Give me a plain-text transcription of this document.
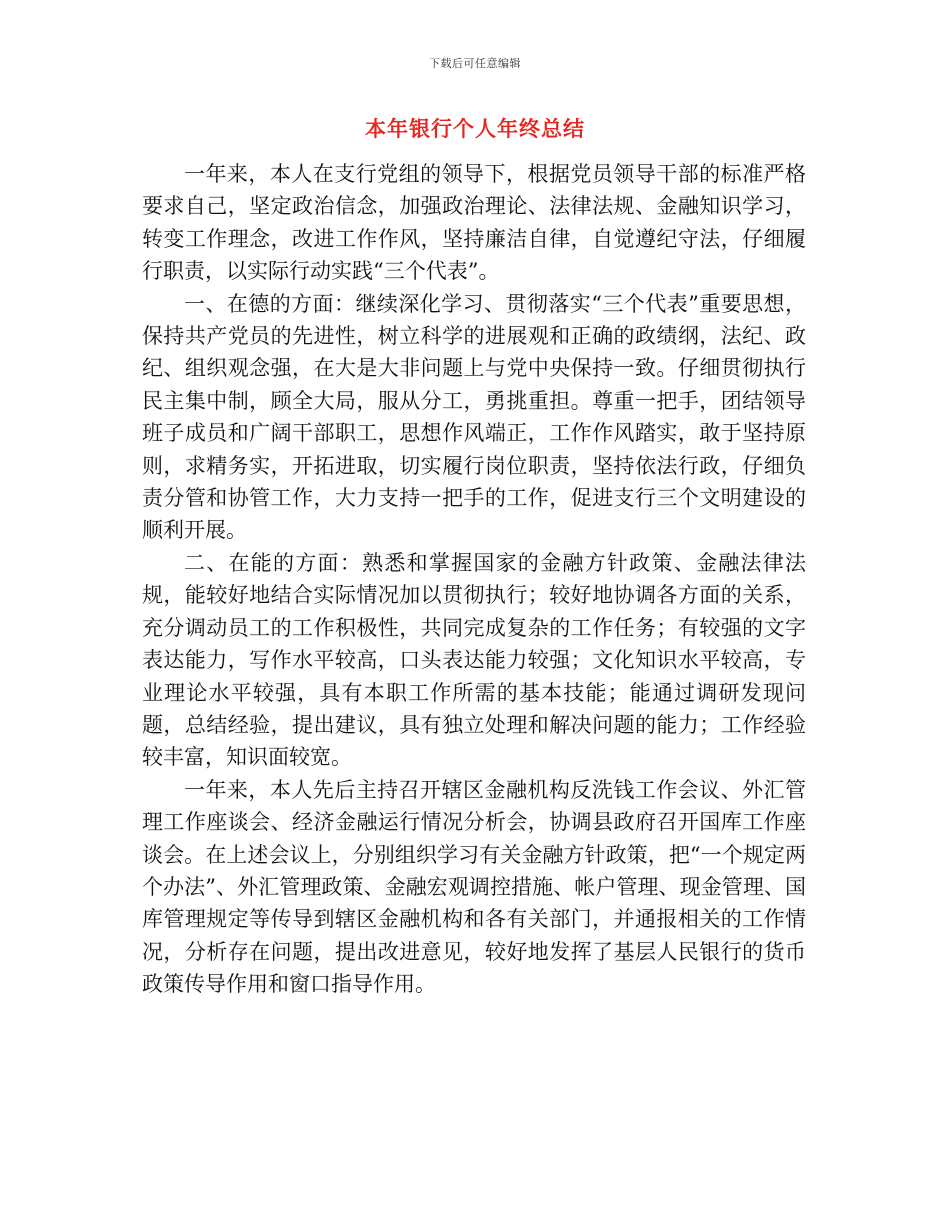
下载后可任意编辑
本年银行个人年终总结

一年来，本人在支行党组的领导下，根据党员领导干部的标准严格要求自己，坚定政治信念，加强政治理论、法律法规、金融知识学习，转变工作理念，改进工作作风，坚持廉洁自律，自觉遵纪守法，仔细履行职责，以实际行动实践“三个代表”。

一、在德的方面：继续深化学习、贯彻落实“三个代表”重要思想，保持共产党员的先进性，树立科学的进展观和正确的政绩纲，法纪、政纪、组织观念强，在大是大非问题上与党中央保持一致。仔细贯彻执行民主集中制，顾全大局，服从分工，勇挑重担。尊重一把手，团结领导班子成员和广阔干部职工，思想作风端正，工作作风踏实，敢于坚持原则，求精务实，开拓进取，切实履行岗位职责，坚持依法行政，仔细负责分管和协管工作，大力支持一把手的工作，促进支行三个文明建设的顺利开展。

二、在能的方面：熟悉和掌握国家的金融方针政策、金融法律法规，能较好地结合实际情况加以贯彻执行；较好地协调各方面的关系，充分调动员工的工作积极性，共同完成复杂的工作任务；有较强的文字表达能力，写作水平较高，口头表达能力较强；文化知识水平较高，专业理论水平较强，具有本职工作所需的基本技能；能通过调研发现问题，总结经验，提出建议，具有独立处理和解决问题的能力；工作经验较丰富，知识面较宽。

一年来，本人先后主持召开辖区金融机构反洗钱工作会议、外汇管理工作座谈会、经济金融运行情况分析会，协调县政府召开国库工作座谈会。在上述会议上，分别组织学习有关金融方针政策，把“一个规定两个办法”、外汇管理政策、金融宏观调控措施、帐户管理、现金管理、国库管理规定等传导到辖区金融机构和各有关部门，并通报相关的工作情况，分析存在问题，提出改进意见，较好地发挥了基层人民银行的货币政策传导作用和窗口指导作用。
